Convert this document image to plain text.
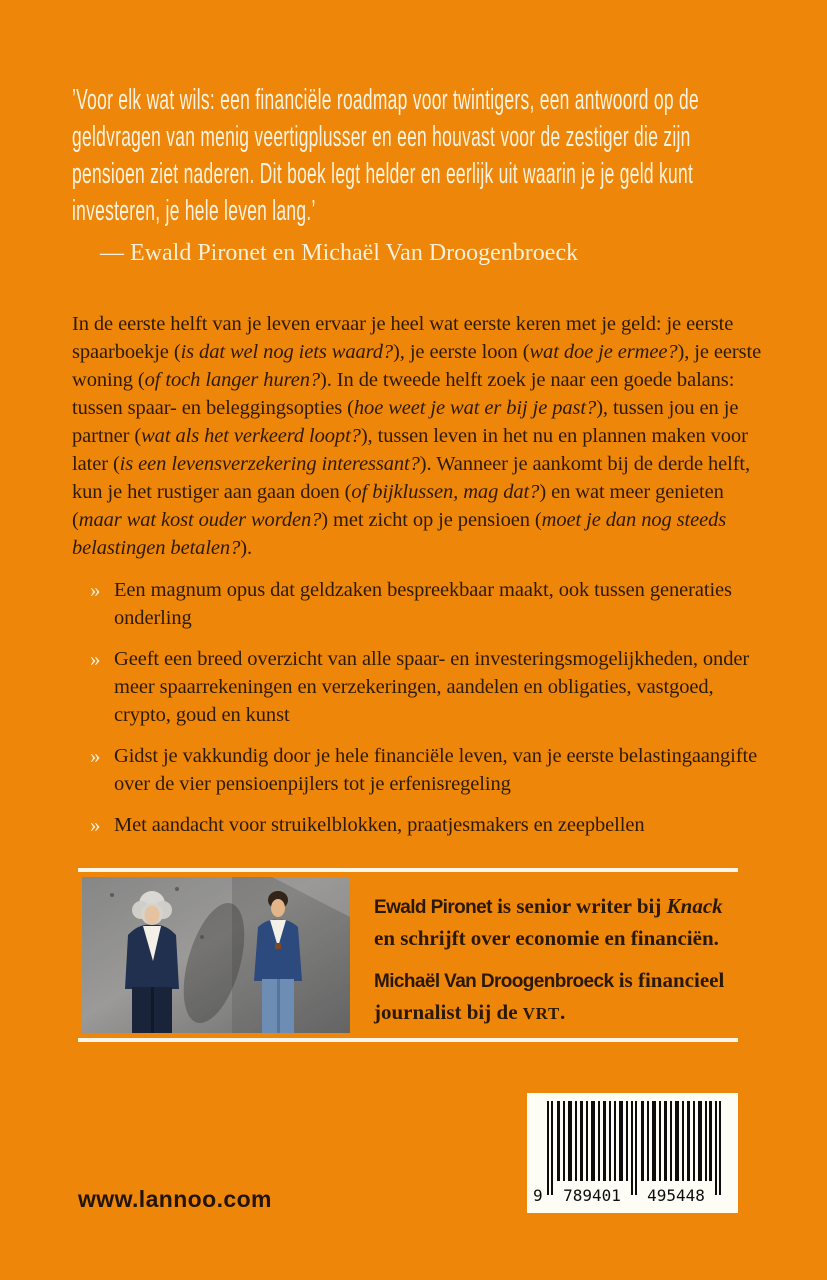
’Voor elk wat wils: een financiële roadmap voor twintigers, een antwoord op de geldvragen van menig veertigplusser en een houvast voor de zestiger die zijn pensioen ziet naderen. Dit boek legt helder en eerlijk uit waarin je je geld kunt investeren, je hele leven lang.’
— Ewald Pironet en Michaël Van Droogenbroeck
In de eerste helft van je leven ervaar je heel wat eerste keren met je geld: je eerste spaarboekje (is dat wel nog iets waard?), je eerste loon (wat doe je ermee?), je eerste woning (of toch langer huren?). In de tweede helft zoek je naar een goede balans: tussen spaar- en beleggingsopties (hoe weet je wat er bij je past?), tussen jou en je partner (wat als het verkeerd loopt?), tussen leven in het nu en plannen maken voor later (is een levensverzekering interessant?). Wanneer je aankomt bij de derde helft, kun je het rustiger aan gaan doen (of bijklussen, mag dat?) en wat meer genieten (maar wat kost ouder worden?) met zicht op je pensioen (moet je dan nog steeds belastingen betalen?).
» Een magnum opus dat geldzaken bespreekbaar maakt, ook tussen generaties onderling
» Geeft een breed overzicht van alle spaar- en investeringsmogelijkheden, onder meer spaarrekeningen en verzekeringen, aandelen en obligaties, vastgoed, crypto, goud en kunst
» Gidst je vakkundig door je hele financiële leven, van je eerste belastingaangifte over de vier pensioenpijlers tot je erfenisregeling
» Met aandacht voor struikelblokken, praatjesmakers en zeepbellen
Ewald Pironet is senior writer bij Knack
en schrijft over economie en financiën.
Michaël Van Droogenbroeck is financieel
journalist bij de VRT.
www.lannoo.com	9 789401 495448
